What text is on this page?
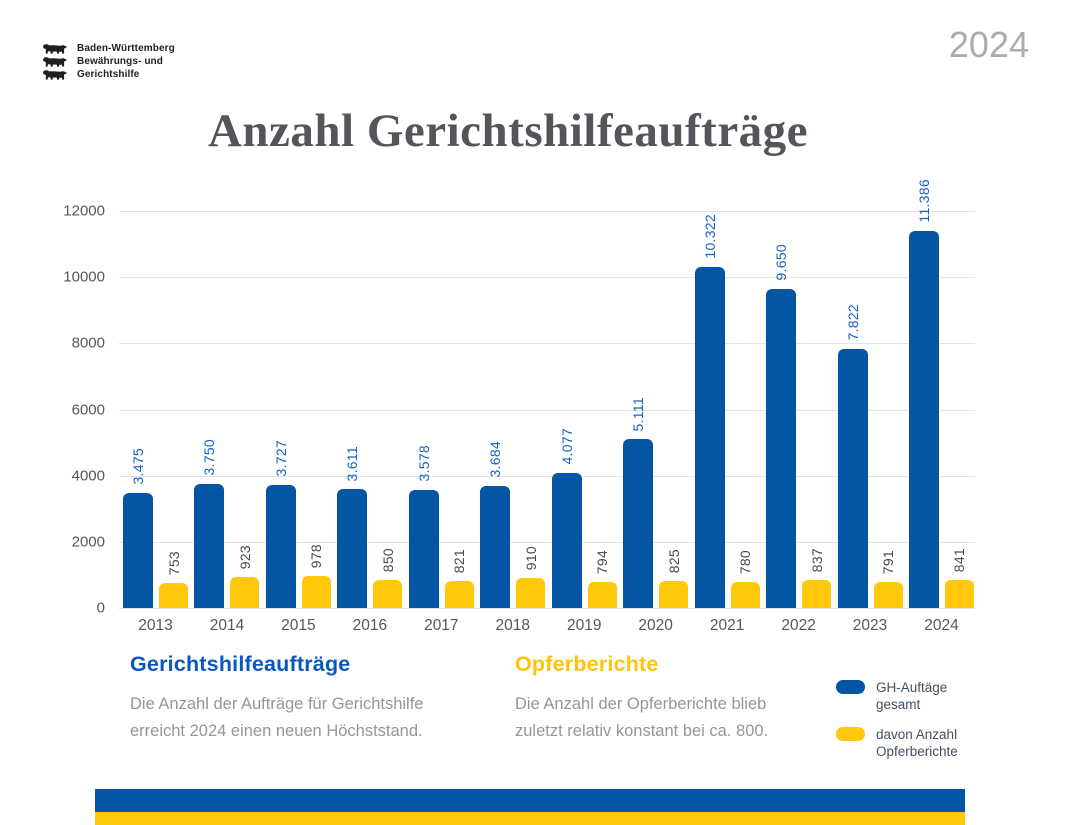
Baden-Württemberg
Bewährungs- und
Gerichtshilfe
2024
Anzahl Gerichtshilfeaufträge
0
2000
4000
6000
8000
10000
12000
3.475
753
2013
3.750
923
2014
3.727
978
2015
3.611
850
2016
3.578
821
2017
3.684
910
2018
4.077
794
2019
5.111
825
2020
10.322
780
2021
9.650
837
2022
7.822
791
2023
11.386
841
2024
Gerichtshilfeaufträge

Die Anzahl der Aufträge für Gerichtshilfe erreicht 2024 einen neuen Höchststand.

Opferberichte

Die Anzahl der Opferberichte blieb zuletzt relativ konstant bei ca. 800.

GH-Auftäge gesamt
davon Anzahl Opferberichte
